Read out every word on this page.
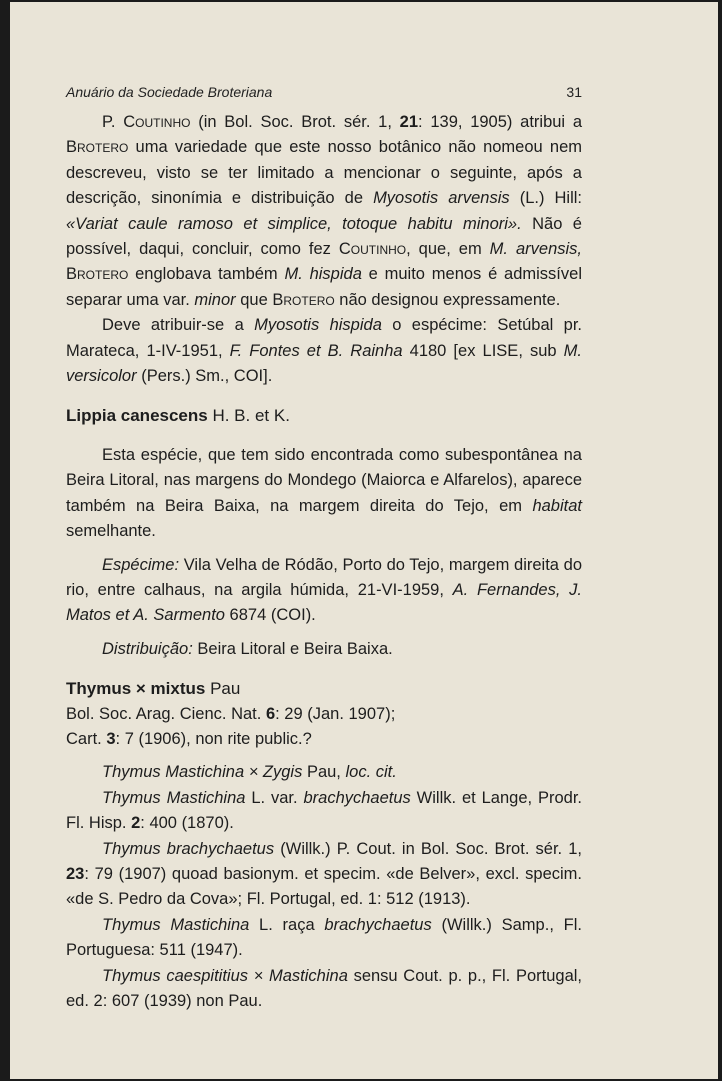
Anuário da Sociedade Broteriana	31

P. Coutinho (in Bol. Soc. Brot. sér. 1, 21: 139, 1905) atribui a Brotero uma variedade que este nosso botânico não nomeou nem descreveu, visto se ter limitado a mencionar o seguinte, após a descrição, sinonímia e distribuição de Myosotis arvensis (L.) Hill: «Variat caule ramoso et simplice, totoque habitu minori». Não é possível, daqui, concluir, como fez Coutinho, que, em M. arvensis, Brotero englobava também M. hispida e muito menos é admissível separar uma var. minor que Brotero não designou expressamente.

Deve atribuir-se a Myosotis hispida o espécime: Setúbal pr. Marateca, 1-IV-1951, F. Fontes et B. Rainha 4180 [ex LISE, sub M. versicolor (Pers.) Sm., COI].

Lippia canescens H. B. et K.

Esta espécie, que tem sido encontrada como subespontânea na Beira Litoral, nas margens do Mondego (Maiorca e Alfarelos), aparece também na Beira Baixa, na margem direita do Tejo, em habitat semelhante.

Espécime: Vila Velha de Ródão, Porto do Tejo, margem direita do rio, entre calhaus, na argila húmida, 21-VI-1959, A. Fernandes, J. Matos et A. Sarmento 6874 (COI).

Distribuição: Beira Litoral e Beira Baixa.

Thymus × mixtus Pau

Bol. Soc. Arag. Cienc. Nat. 6: 29 (Jan. 1907);

Cart. 3: 7 (1906), non rite public.?

Thymus Mastichina × Zygis Pau, loc. cit.

Thymus Mastichina L. var. brachychaetus Willk. et Lange, Prodr. Fl. Hisp. 2: 400 (1870).

Thymus brachychaetus (Willk.) P. Cout. in Bol. Soc. Brot. sér. 1, 23: 79 (1907) quoad basionym. et specim. «de Belver», excl. specim. «de S. Pedro da Cova»; Fl. Portugal, ed. 1: 512 (1913).

Thymus Mastichina L. raça brachychaetus (Willk.) Samp., Fl. Portuguesa: 511 (1947).

Thymus caespititius × Mastichina sensu Cout. p. p., Fl. Portugal, ed. 2: 607 (1939) non Pau.
